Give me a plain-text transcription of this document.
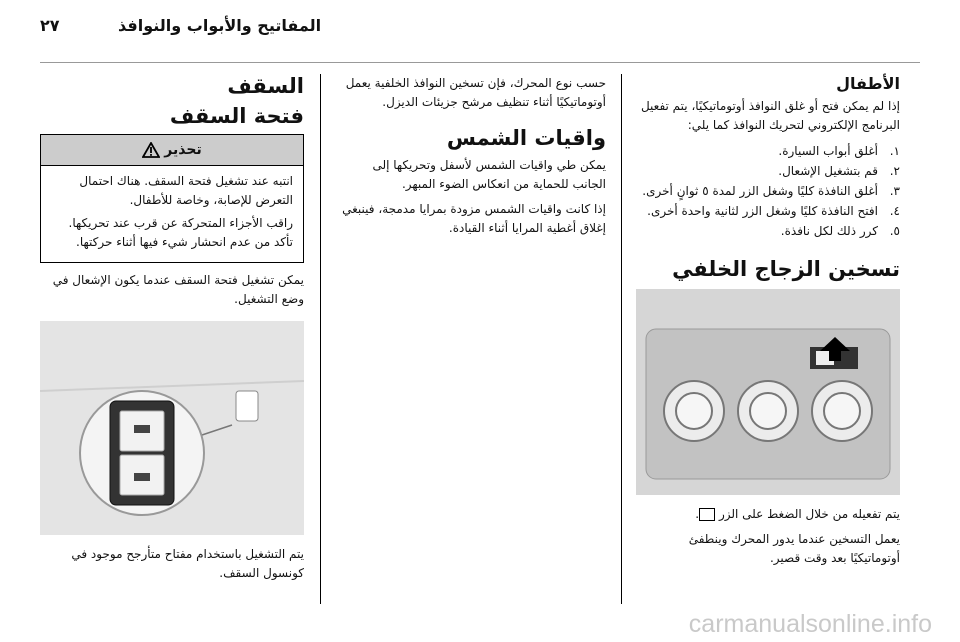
٢٧	المفاتيح والأبواب والنوافذ
الأطفال

إذا لم يمكن فتح أو غلق النوافذ أوتوماتيكيًا، يتم تفعيل البرنامج الإلكتروني لتحريك النوافذ كما يلي:

١.
أغلق أبواب السيارة.
٢.
قم بتشغيل الإشعال.
٣.
أغلق النافذة كليًا وشغل الزر لمدة ٥ ثوانٍ أخرى.
٤.
افتح النافذة كليًا وشغل الزر لثانية واحدة أخرى.
٥.
كرر ذلك لكل نافذة.
تسخين الزجاج الخلفي

يتم تفعيله من خلال الضغط على الزر .

يعمل التسخين عندما يدور المحرك وينطفئ أوتوماتيكيًا بعد وقت قصير.

حسب نوع المحرك، فإن تسخين النوافذ الخلفية يعمل أوتوماتيكيًا أثناء تنظيف مرشح جزيئات الديزل.

واقيات الشمس

يمكن طي واقيات الشمس لأسفل وتحريكها إلى الجانب للحماية من انعكاس الضوء المبهر.

إذا كانت واقيات الشمس مزودة بمرايا مدمجة، فينبغي إغلاق أغطية المرايا أثناء القيادة.

السقف
فتحة السقف
تحذير

انتبه عند تشغيل فتحة السقف. هناك احتمال التعرض للإصابة، وخاصة للأطفال.

راقب الأجزاء المتحركة عن قرب عند تحريكها. تأكد من عدم انحشار شيء فيها أثناء حركتها.

يمكن تشغيل فتحة السقف عندما يكون الإشعال في وضع التشغيل.

يتم التشغيل باستخدام مفتاح متأرجح موجود في كونسول السقف.

carmanualsonline.info
